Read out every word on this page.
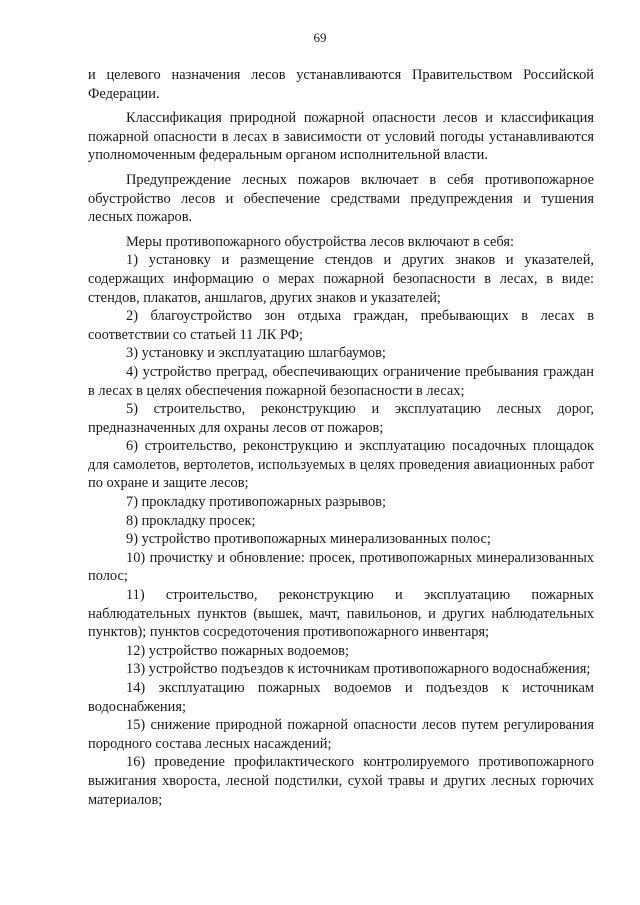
69

и целевого назначения лесов устанавливаются Правительством Российской Федерации.

Классификация природной пожарной опасности лесов и классификация пожарной опасности в лесах в зависимости от условий погоды устанавливаются уполномоченным федеральным органом исполнительной власти.

Предупреждение лесных пожаров включает в себя противопожарное обустройство лесов и обеспечение средствами предупреждения и тушения лесных пожаров.

Меры противопожарного обустройства лесов включают в себя:

1) установку и размещение стендов и других знаков и указателей, содержащих информацию о мерах пожарной безопасности в лесах, в виде: стендов, плакатов, аншлагов, других знаков и указателей;

2) благоустройство зон отдыха граждан, пребывающих в лесах в соответствии со статьей 11 ЛК РФ;

3) установку и эксплуатацию шлагбаумов;

4) устройство преград, обеспечивающих ограничение пребывания граждан в лесах в целях обеспечения пожарной безопасности в лесах;

5) строительство, реконструкцию и эксплуатацию лесных дорог, предназначенных для охраны лесов от пожаров;

6) строительство, реконструкцию и эксплуатацию посадочных площадок для самолетов, вертолетов, используемых в целях проведения авиационных работ по охране и защите лесов;

7) прокладку противопожарных разрывов;

8) прокладку просек;

9) устройство противопожарных минерализованных полос;

10) прочистку и обновление: просек, противопожарных минерализованных полос;

11) строительство, реконструкцию и эксплуатацию пожарных наблюдательных пунктов (вышек, мачт, павильонов, и других наблюдательных пунктов); пунктов сосредоточения противопожарного инвентаря;

12) устройство пожарных водоемов;

13) устройство подъездов к источникам противопожарного водоснабжения;

14) эксплуатацию пожарных водоемов и подъездов к источникам водоснабжения;

15) снижение природной пожарной опасности лесов путем регулирования породного состава лесных насаждений;

16) проведение профилактического контролируемого противопожарного выжигания хвороста, лесной подстилки, сухой травы и других лесных горючих материалов;
